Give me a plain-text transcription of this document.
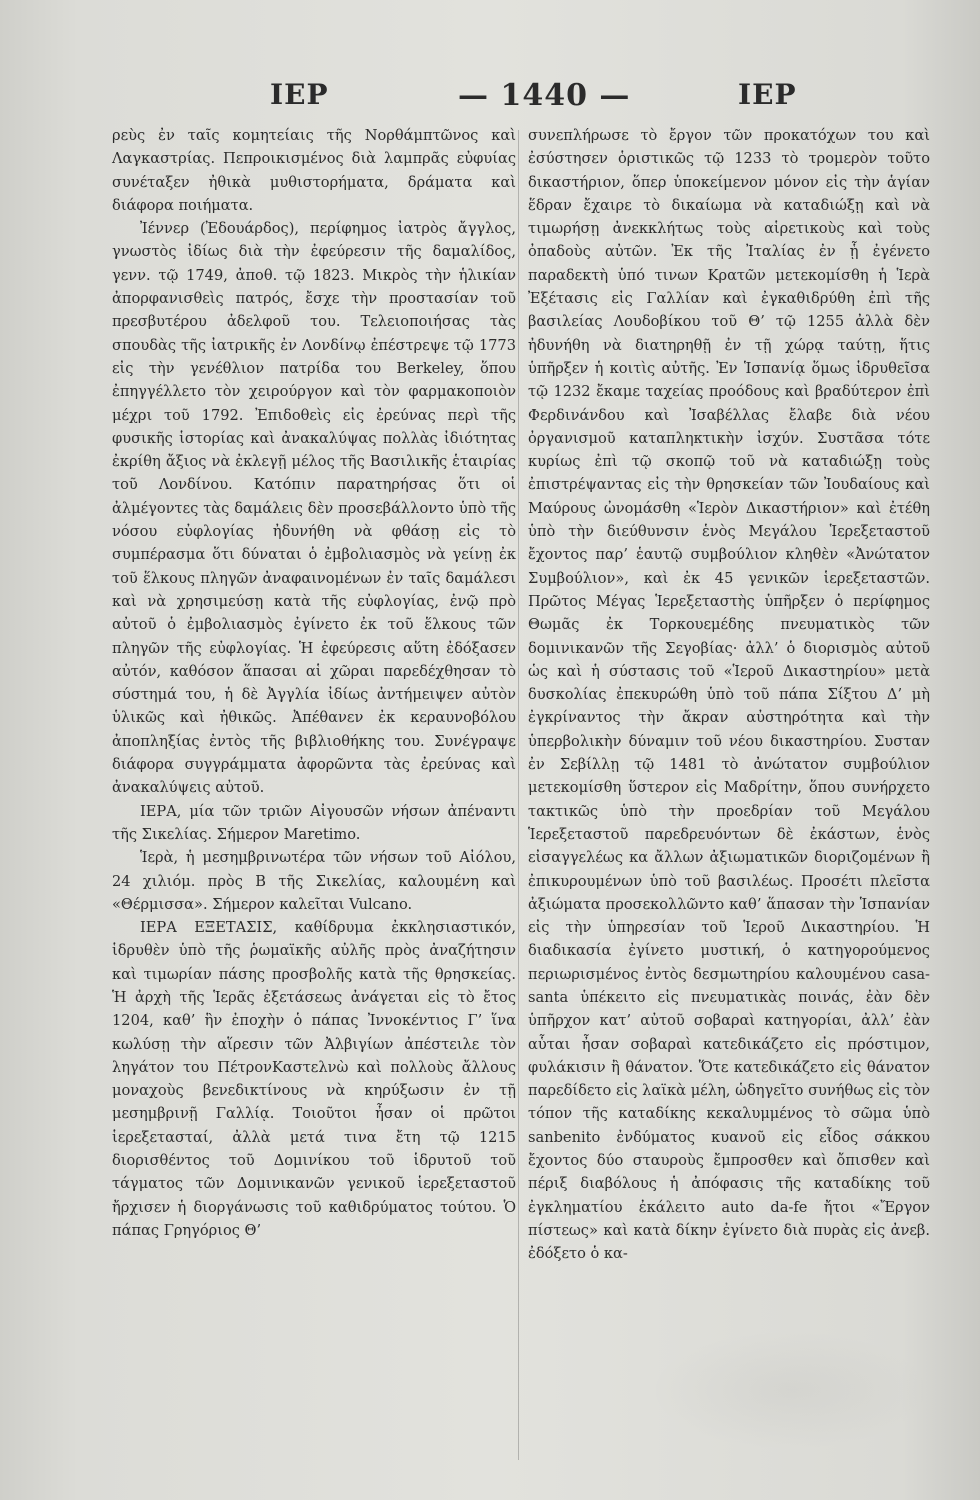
ΙΕΡ	— 1440 —	ΙΕΡ

ρεὺς ἐν ταῖς κομητείαις τῆς Νορθάμπτῶνος καὶ Λαγκαστρίας. Πεπροικισμένος διὰ λαμπρᾶς εὐφυίας συνέταξεν ἠθικὰ μυθιστορήματα, δράματα καὶ διάφορα ποιήματα.

Ἰέννερ (Ἐδουάρδος), περίφημος ἰατρὸς ἄγγλος, γνωστὸς ἰδίως διὰ τὴν ἐφεύρεσιν τῆς δαμαλίδος, γενν. τῷ 1749, ἀποθ. τῷ 1823. Μικρὸς τὴν ἡλικίαν ἀπορφανισθεὶς πατρός, ἔσχε τὴν προστασίαν τοῦ πρεσβυτέρου ἀδελφοῦ του. Τελειοποιήσας τὰς σπουδὰς τῆς ἰατρικῆς ἐν Λονδίνῳ ἐπέστρεψε τῷ 1773 εἰς τὴν γενέθλιον πατρίδα του Berkeley, ὅπου ἐπηγγέλλετο τὸν χειρούργον καὶ τὸν φαρμακοποιὸν μέχρι τοῦ 1792. Ἐπιδοθεὶς εἰς ἐρεύνας περὶ τῆς φυσικῆς ἱστορίας καὶ ἀνακαλύψας πολλὰς ἰδιότητας ἐκρίθη ἄξιος νὰ ἐκλεγῇ μέλος τῆς Βασιλικῆς ἑταιρίας τοῦ Λονδίνου. Κατόπιν παρατηρήσας ὅτι οἱ ἀλμέγοντες τὰς δαμάλεις δὲν προσεβάλλοντο ὑπὸ τῆς νόσου εὐφλογίας ἠδυνήθη νὰ φθάσῃ εἰς τὸ συμπέρασμα ὅτι δύναται ὁ ἐμβολιασμὸς νὰ γείνῃ ἐκ τοῦ ἕλκους πληγῶν ἀναφαινομένων ἐν ταῖς δαμάλεσι καὶ νὰ χρησιμεύσῃ κατὰ τῆς εὐφλογίας, ἐνῷ πρὸ αὐτοῦ ὁ ἐμβολιασμὸς ἐγίνετο ἐκ τοῦ ἕλκους τῶν πληγῶν τῆς εὐφλογίας. Ἡ ἐφεύρεσις αὕτη ἐδόξασεν αὐτόν, καθόσον ἅπασαι αἱ χῶραι παρεδέχθησαν τὸ σύστημά του, ἡ δὲ Ἀγγλία ἰδίως ἀντήμειψεν αὐτὸν ὑλικῶς καὶ ἠθικῶς. Ἀπέθανεν ἐκ κεραυνοβόλου ἀποπληξίας ἐντὸς τῆς βιβλιοθήκης του. Συνέγραψε διάφορα συγγράμματα ἀφορῶντα τὰς ἐρεύνας καὶ ἀνακαλύψεις αὐτοῦ.

ΙΕΡΑ, μία τῶν τριῶν Αἰγουσῶν νήσων ἀπέναντι τῆς Σικελίας. Σήμερον Maretimo.

Ἱερὰ, ἡ μεσημβρινωτέρα τῶν νήσων τοῦ Αἰόλου, 24 χιλιόμ. πρὸς Β τῆς Σικελίας, καλουμένη καὶ «Θέρμισσα». Σήμερον καλεῖται Vulcano.

ΙΕΡΑ ΕΞΕΤΑΣΙΣ, καθίδρυμα ἐκκλησιαστικόν, ἱδρυθὲν ὑπὸ τῆς ῥωμαϊκῆς αὐλῆς πρὸς ἀναζήτησιν καὶ τιμωρίαν πάσης προσβολῆς κατὰ τῆς θρησκείας. Ἡ ἀρχὴ τῆς Ἱερᾶς ἐξετάσεως ἀνάγεται εἰς τὸ ἔτος 1204, καθ’ ἣν ἐποχὴν ὁ πάπας Ἰννοκέντιος Γ’ ἵνα κωλύσῃ τὴν αἵρεσιν τῶν Ἀλβιγίων ἀπέστειλε τὸν ληγάτον του ΠέτρονΚαστελνὼ καὶ πολλοὺς ἄλλους μοναχοὺς βενεδικτίνους νὰ κηρύξωσιν ἐν τῇ μεσημβρινῇ Γαλλίᾳ. Τοιοῦτοι ἦσαν οἱ πρῶτοι ἱερεξετασταί, ἀλλὰ μετά τινα ἔτη τῷ 1215 διορισθέντος τοῦ Δομινίκου τοῦ ἱδρυτοῦ τοῦ τάγματος τῶν Δομινικανῶν γενικοῦ ἱερεξεταστοῦ ἤρχισεν ἡ διοργάνωσις τοῦ καθιδρύματος τούτου. Ὁ πάπας Γρηγόριος Θ’

συνεπλήρωσε τὸ ἔργον τῶν προκατόχων του καὶ ἐσύστησεν ὁριστικῶς τῷ 1233 τὸ τρομερὸν τοῦτο δικαστήριον, ὅπερ ὑποκείμενον μόνον εἰς τὴν ἁγίαν ἕδραν ἔχαιρε τὸ δικαίωμα νὰ καταδιώξῃ καὶ νὰ τιμωρήσῃ ἀνεκκλήτως τοὺς αἱρετικοὺς καὶ τοὺς ὀπαδοὺς αὐτῶν. Ἐκ τῆς Ἰταλίας ἐν ᾗ ἐγένετο παραδεκτὴ ὑπό τινων Κρατῶν μετεκομίσθη ἡ Ἱερὰ Ἐξέτασις εἰς Γαλλίαν καὶ ἐγκαθιδρύθη ἐπὶ τῆς βασιλείας Λουδοβίκου τοῦ Θ’ τῷ 1255 ἀλλὰ δὲν ἠδυνήθη νὰ διατηρηθῇ ἐν τῇ χώρᾳ ταύτῃ, ἥτις ὑπῆρξεν ἡ κοιτὶς αὐτῆς. Ἐν Ἱσπανίᾳ ὅμως ἱδρυθεῖσα τῷ 1232 ἔκαμε ταχείας προόδους καὶ βραδύτερον ἐπὶ Φερδινάνδου καὶ Ἰσαβέλλας ἔλαβε διὰ νέου ὀργανισμοῦ καταπληκτικὴν ἰσχύν. Συστᾶσα τότε κυρίως ἐπὶ τῷ σκοπῷ τοῦ νὰ καταδιώξῃ τοὺς ἐπιστρέψαντας εἰς τὴν θρησκείαν τῶν Ἰουδαίους καὶ Μαύρους ὠνομάσθη «Ἱερὸν Δικαστήριον» καὶ ἐτέθη ὑπὸ τὴν διεύθυνσιν ἑνὸς Μεγάλου Ἱερεξεταστοῦ ἔχοντος παρ’ ἑαυτῷ συμβούλιον κληθὲν «Ἀνώτατον Συμβούλιον», καὶ ἐκ 45 γενικῶν ἱερεξεταστῶν. Πρῶτος Μέγας Ἱερεξεταστὴς ὑπῆρξεν ὁ περίφημος Θωμᾶς ἐκ Τορκουεμέδης πνευματικὸς τῶν δομινικανῶν τῆς Σεγοβίας· ἀλλ’ ὁ διορισμὸς αὐτοῦ ὡς καὶ ἡ σύστασις τοῦ «Ἱεροῦ Δικαστηρίου» μετὰ δυσκολίας ἐπεκυρώθη ὑπὸ τοῦ πάπα Σίξτου Δ’ μὴ ἐγκρίναντος τὴν ἄκραν αὐστηρότητα καὶ τὴν ὑπερβολικὴν δύναμιν τοῦ νέου δικαστηρίου. Συσταν ἐν Σεβίλλῃ τῷ 1481 τὸ ἀνώτατον συμβούλιον μετεκομίσθη ὕστερον εἰς Μαδρίτην, ὅπου συνήρχετο τακτικῶς ὑπὸ τὴν προεδρίαν τοῦ Μεγάλου Ἱερεξεταστοῦ παρεδρευόντων δὲ ἐκάστων, ἑνὸς εἰσαγγελέως κα ἄλλων ἀξιωματικῶν διοριζομένων ἢ ἐπικυρουμένων ὑπὸ τοῦ βασιλέως. Προσέτι πλεῖστα ἀξιώματα προσεκολλῶντο καθ’ ἅπασαν τὴν Ἱσπανίαν εἰς τὴν ὑπηρεσίαν τοῦ Ἱεροῦ Δικαστηρίου. Ἡ διαδικασία ἐγίνετο μυστική, ὁ κατηγορούμενος περιωρισμένος ἐντὸς δεσμωτηρίου καλουμένου casa-santa ὑπέκειτο εἰς πνευματικὰς ποινάς, ἐὰν δὲν ὑπῆρχον κατ’ αὐτοῦ σοβαραὶ κατηγορίαι, ἀλλ’ ἐὰν αὗται ἦσαν σοβαραὶ κατεδικάζετο εἰς πρόστιμον, φυλάκισιν ἢ θάνατον. Ὅτε κατεδικάζετο εἰς θάνατον παρεδίδετο εἰς λαϊκὰ μέλη, ὡδηγεῖτο συνήθως εἰς τὸν τόπον τῆς καταδίκης κεκαλυμμένος τὸ σῶμα ὑπὸ sanbenito ἐνδύματος κυανοῦ εἰς εἶδος σάκκου ἔχοντος δύο σταυροὺς ἔμπροσθεν καὶ ὄπισθεν καὶ πέριξ διαβόλους ἡ ἀπόφασις τῆς καταδίκης τοῦ ἐγκληματίου ἐκάλειτο auto da-fe ἤτοι «Ἔργον πίστεως» καὶ κατὰ δίκην ἐγίνετο διὰ πυρὰς εἰς ἀνεβ. ἐδόξετο ὁ κα-
